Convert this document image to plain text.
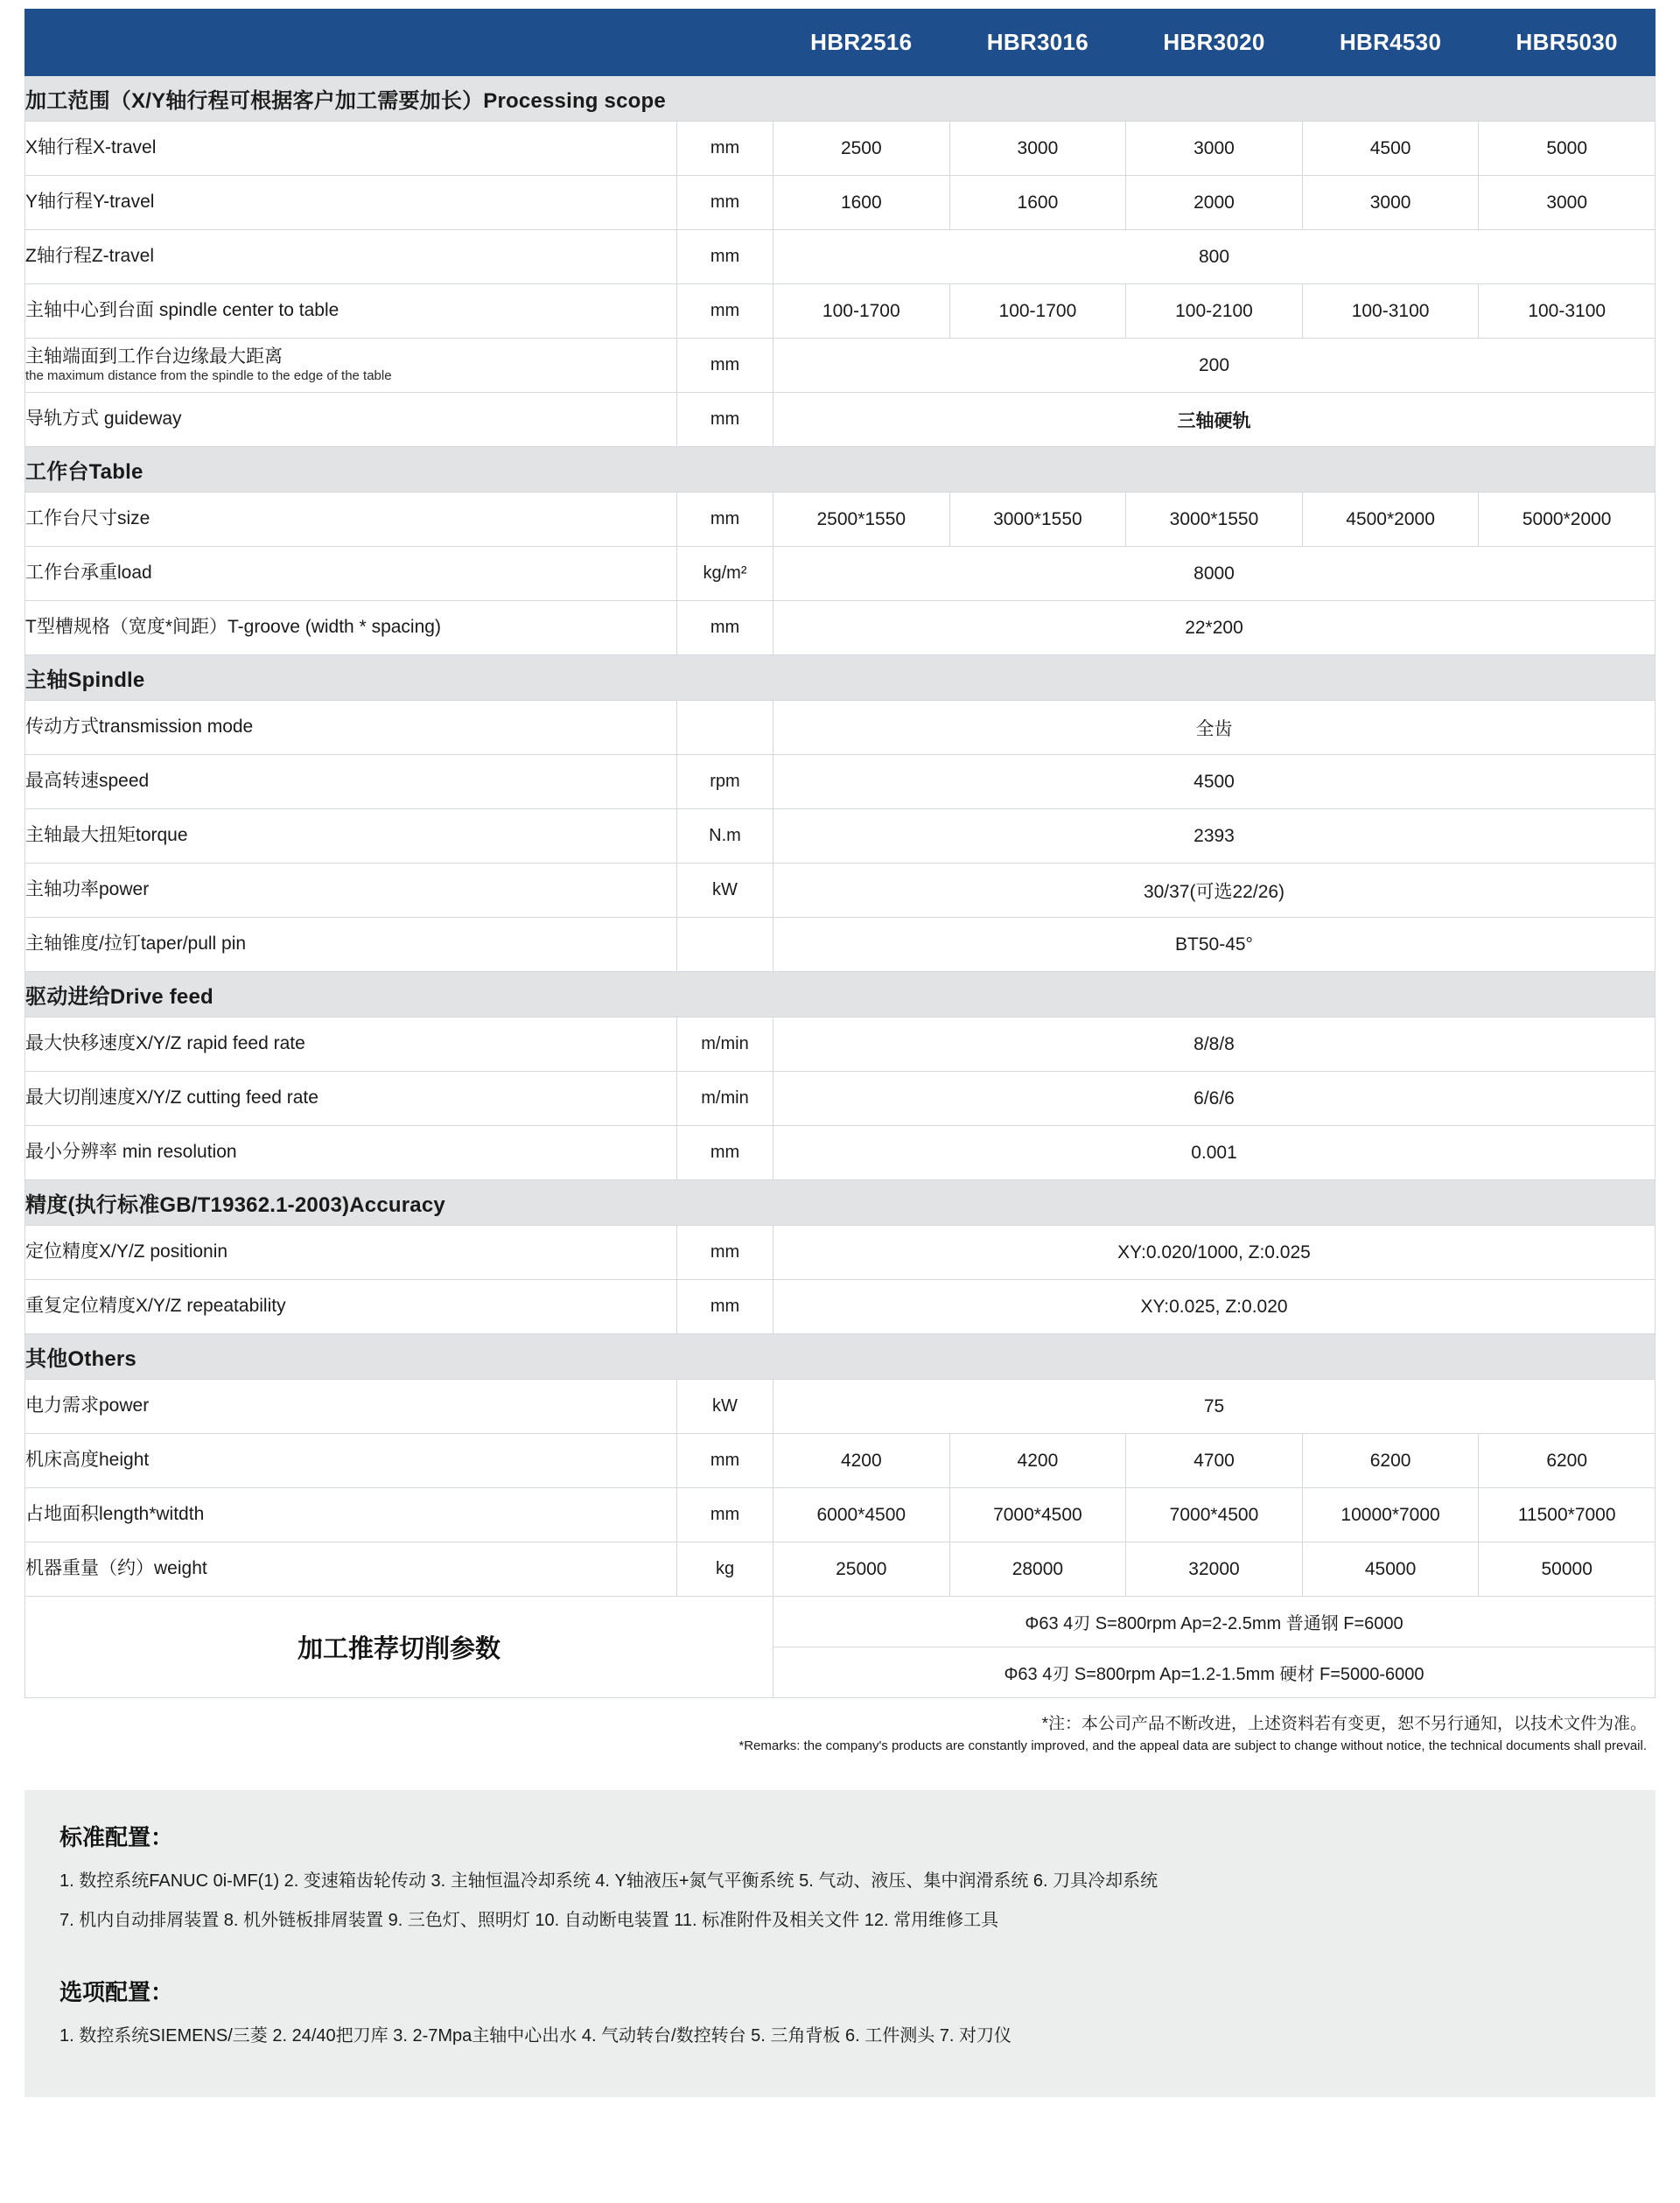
		HBR2516	HBR3016	HBR3020	HBR4530	HBR5030
加工范围（X/Y轴行程可根据客户加工需要加长）Processing scope						
X轴行程X-travel	mm	2500	3000	3000	4500	5000
Y轴行程Y-travel	mm	1600	1600	2000	3000	3000
Z轴行程Z-travel	mm	800				
主轴中心到台面 spindle center to table	mm	100-1700	100-1700	100-2100	100-3100	100-3100

主轴端面到工作台边缘最大距离
the maximum distance from the spindle to the edge of the table	mm	200				
导轨方式 guideway	mm	三轴硬轨				
工作台Table						
工作台尺寸size	mm	2500*1550	3000*1550	3000*1550	4500*2000	5000*2000
工作台承重load	kg/m²	8000				
T型槽规格（宽度*间距）T-groove (width * spacing)	mm	22*200				
主轴Spindle						
传动方式transmission mode		全齿				
最高转速speed	rpm	4500				
主轴最大扭矩torque	N.m	2393				
主轴功率power	kW	30/37(可选22/26)				
主轴锥度/拉钉taper/pull pin		BT50-45°				
驱动进给Drive feed						
最大快移速度X/Y/Z rapid feed rate	m/min	8/8/8				
最大切削速度X/Y/Z cutting feed rate	m/min	6/6/6				
最小分辨率 min resolution	mm	0.001				
精度(执行标准GB/T19362.1-2003)Accuracy						
定位精度X/Y/Z positionin	mm	XY:0.020/1000, Z:0.025				
重复定位精度X/Y/Z repeatability	mm	XY:0.025, Z:0.020				
其他Others						
电力需求power	kW	75				
机床高度height	mm	4200	4200	4700	6200	6200
占地面积length*witdth	mm	6000*4500	7000*4500	7000*4500	10000*7000	11500*7000
机器重量（约）weight	kg	25000	28000	32000	45000	50000
加工推荐切削参数		Φ63 4刃 S=800rpm Ap=2-2.5mm 普通钢 F=6000				
		Φ63 4刃 S=800rpm Ap=1.2-1.5mm 硬材 F=5000-6000				
*注：本公司产品不断改进，上述资料若有变更，恕不另行通知，以技术文件为准。
*Remarks: the company's products are constantly improved, and the appeal data are subject to change without notice, the technical documents shall prevail.
标准配置：

1. 数控系统FANUC 0i-MF(1) 2. 变速箱齿轮传动 3. 主轴恒温冷却系统 4. Y轴液压+氮气平衡系统 5. 气动、液压、集中润滑系统 6. 刀具冷却系统

7. 机内自动排屑装置 8. 机外链板排屑装置 9. 三色灯、照明灯 10. 自动断电装置 11. 标准附件及相关文件 12. 常用维修工具

选项配置：

1. 数控系统SIEMENS/三菱 2. 24/40把刀库 3. 2-7Mpa主轴中心出水 4. 气动转台/数控转台 5. 三角背板 6. 工件测头 7. 对刀仪
